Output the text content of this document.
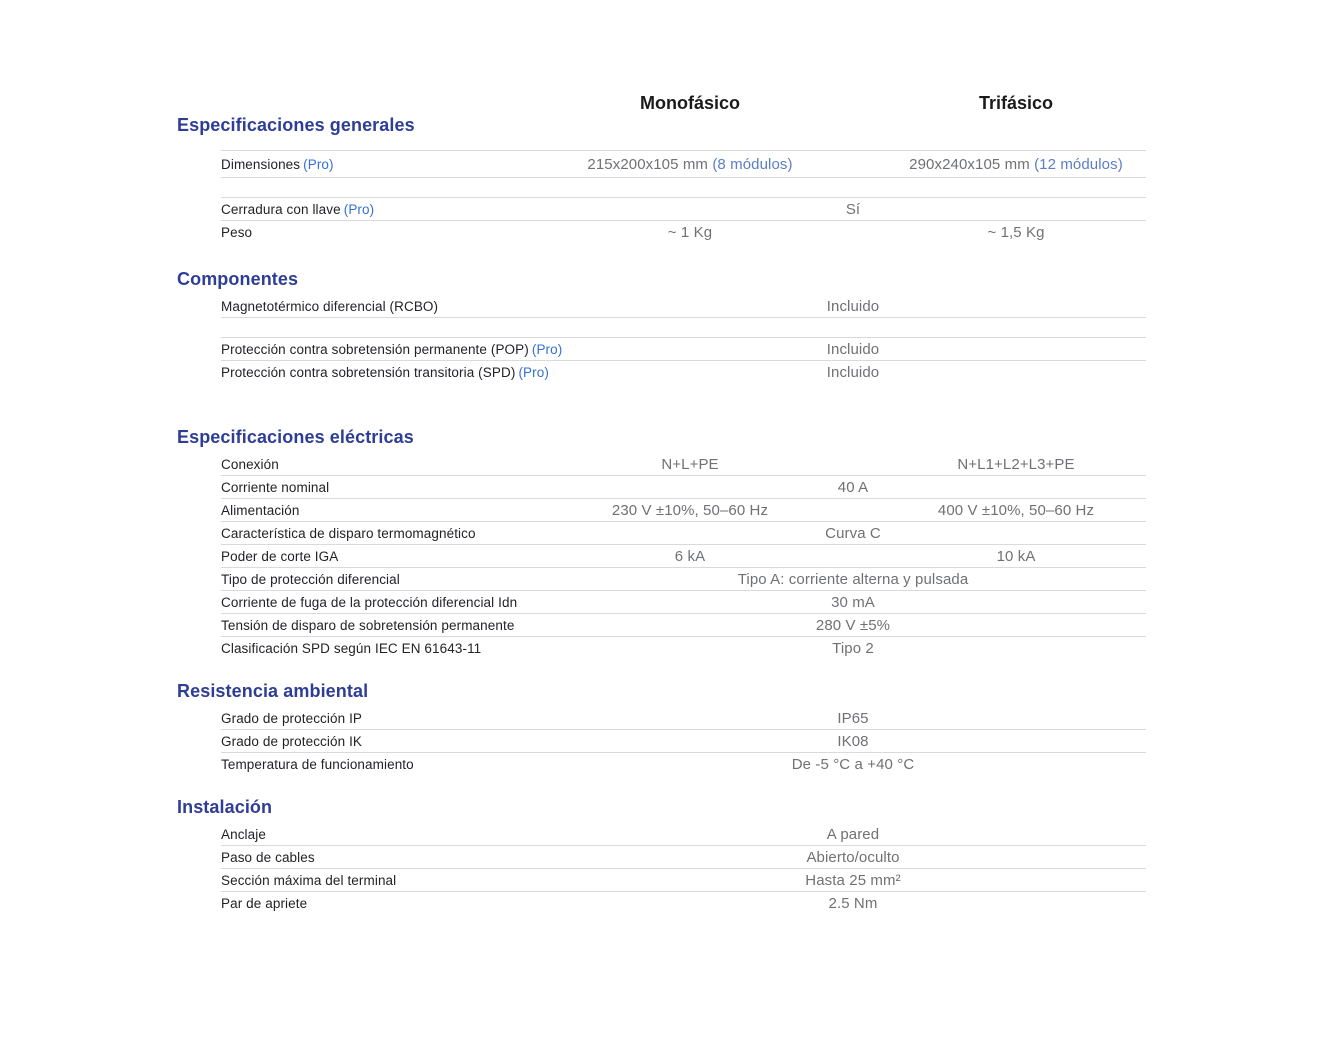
Monofásico	Trifásico
Especificaciones generales
Dimensiones (Pro)	215x200x105 mm (8 módulos)	290x240x105 mm (12 módulos)
Cerradura con llave (Pro)	Sí
Peso	~ 1 Kg	~ 1,5 Kg
Componentes
Magnetotérmico diferencial (RCBO)	Incluido
Protección contra sobretensión permanente (POP) (Pro)	Incluido
Protección contra sobretensión transitoria (SPD) (Pro)	Incluido
Especificaciones eléctricas
Conexión	N+L+PE	N+L1+L2+L3+PE
Corriente nominal	40 A
Alimentación	230 V ±10%, 50–60 Hz	400 V ±10%, 50–60 Hz
Característica de disparo termomagnético	Curva C
Poder de corte IGA	6 kA	10 kA
Tipo de protección diferencial	Tipo A: corriente alterna y pulsada
Corriente de fuga de la protección diferencial Idn	30 mA
Tensión de disparo de sobretensión permanente	280 V ±5%
Clasificación SPD según IEC EN 61643-11	Tipo 2
Resistencia ambiental
Grado de protección IP	IP65
Grado de protección IK	IK08
Temperatura de funcionamiento	De -5 °C a +40 °C
Instalación
Anclaje	A pared
Paso de cables	Abierto/oculto
Sección máxima del terminal	Hasta 25 mm²
Par de apriete	2.5 Nm
